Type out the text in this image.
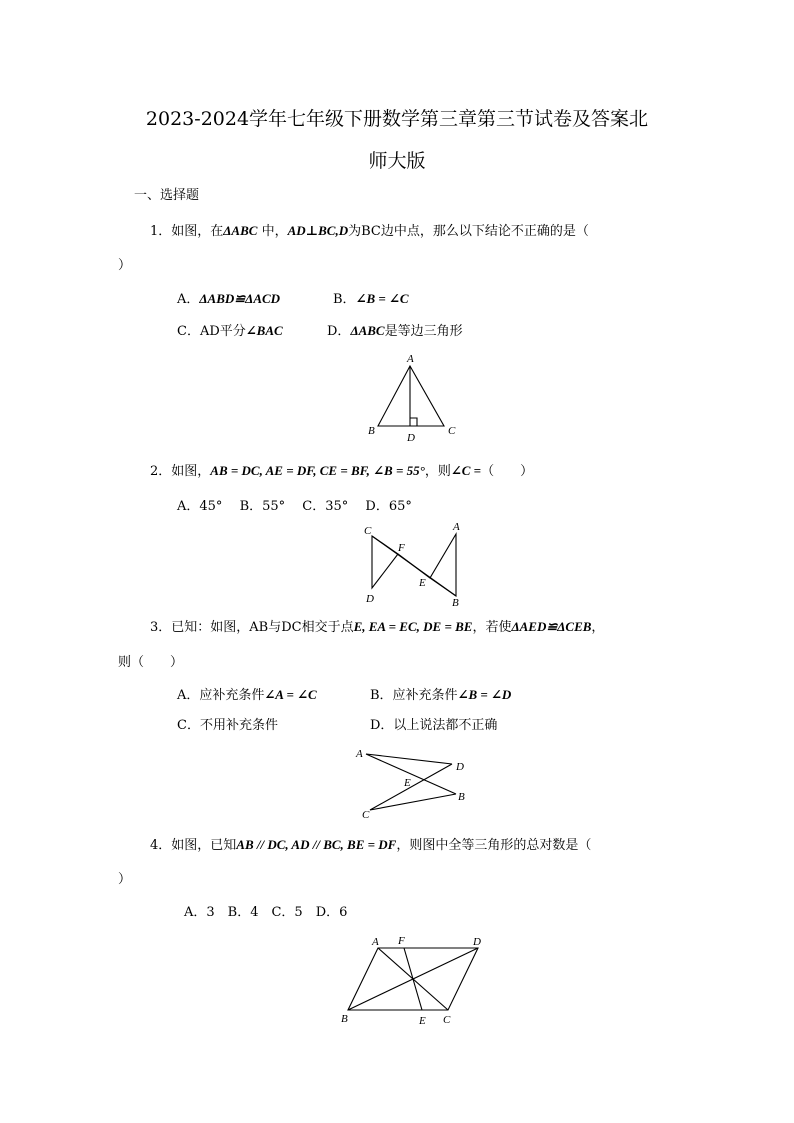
2023-2024学年七年级下册数学第三章第三节试卷及答案北
师大版
一、选择题
1．如图，在ΔABC 中，AD⊥BC,D为BC边中点，那么以下结论不正确的是（
）
A．ΔABD≌ΔACD	B．∠B = ∠C
C．AD平分∠BAC	D．ΔABC是等边三角形
A
B	C
D
2．如图，AB = DC, AE = DF, CE = BF, ∠B = 55°，则∠C =（　　）
A．45°　 B．55°　 C．35°　 D．65°
C
D
F
E
A
B
3．已知：如图，AB与DC相交于点E, EA = EC, DE = BE，若使ΔAED≌ΔCEB，
则（　　）
A．应补充条件∠A = ∠C	B．应补充条件∠B = ∠D
C．不用补充条件	D．以上说法都不正确
A
D
E
B
C
4．如图，已知AB // DC, AD // BC, BE = DF，则图中全等三角形的总对数是（
）
A．3　B．4　C．5　D．6
A F	D
B	E C
